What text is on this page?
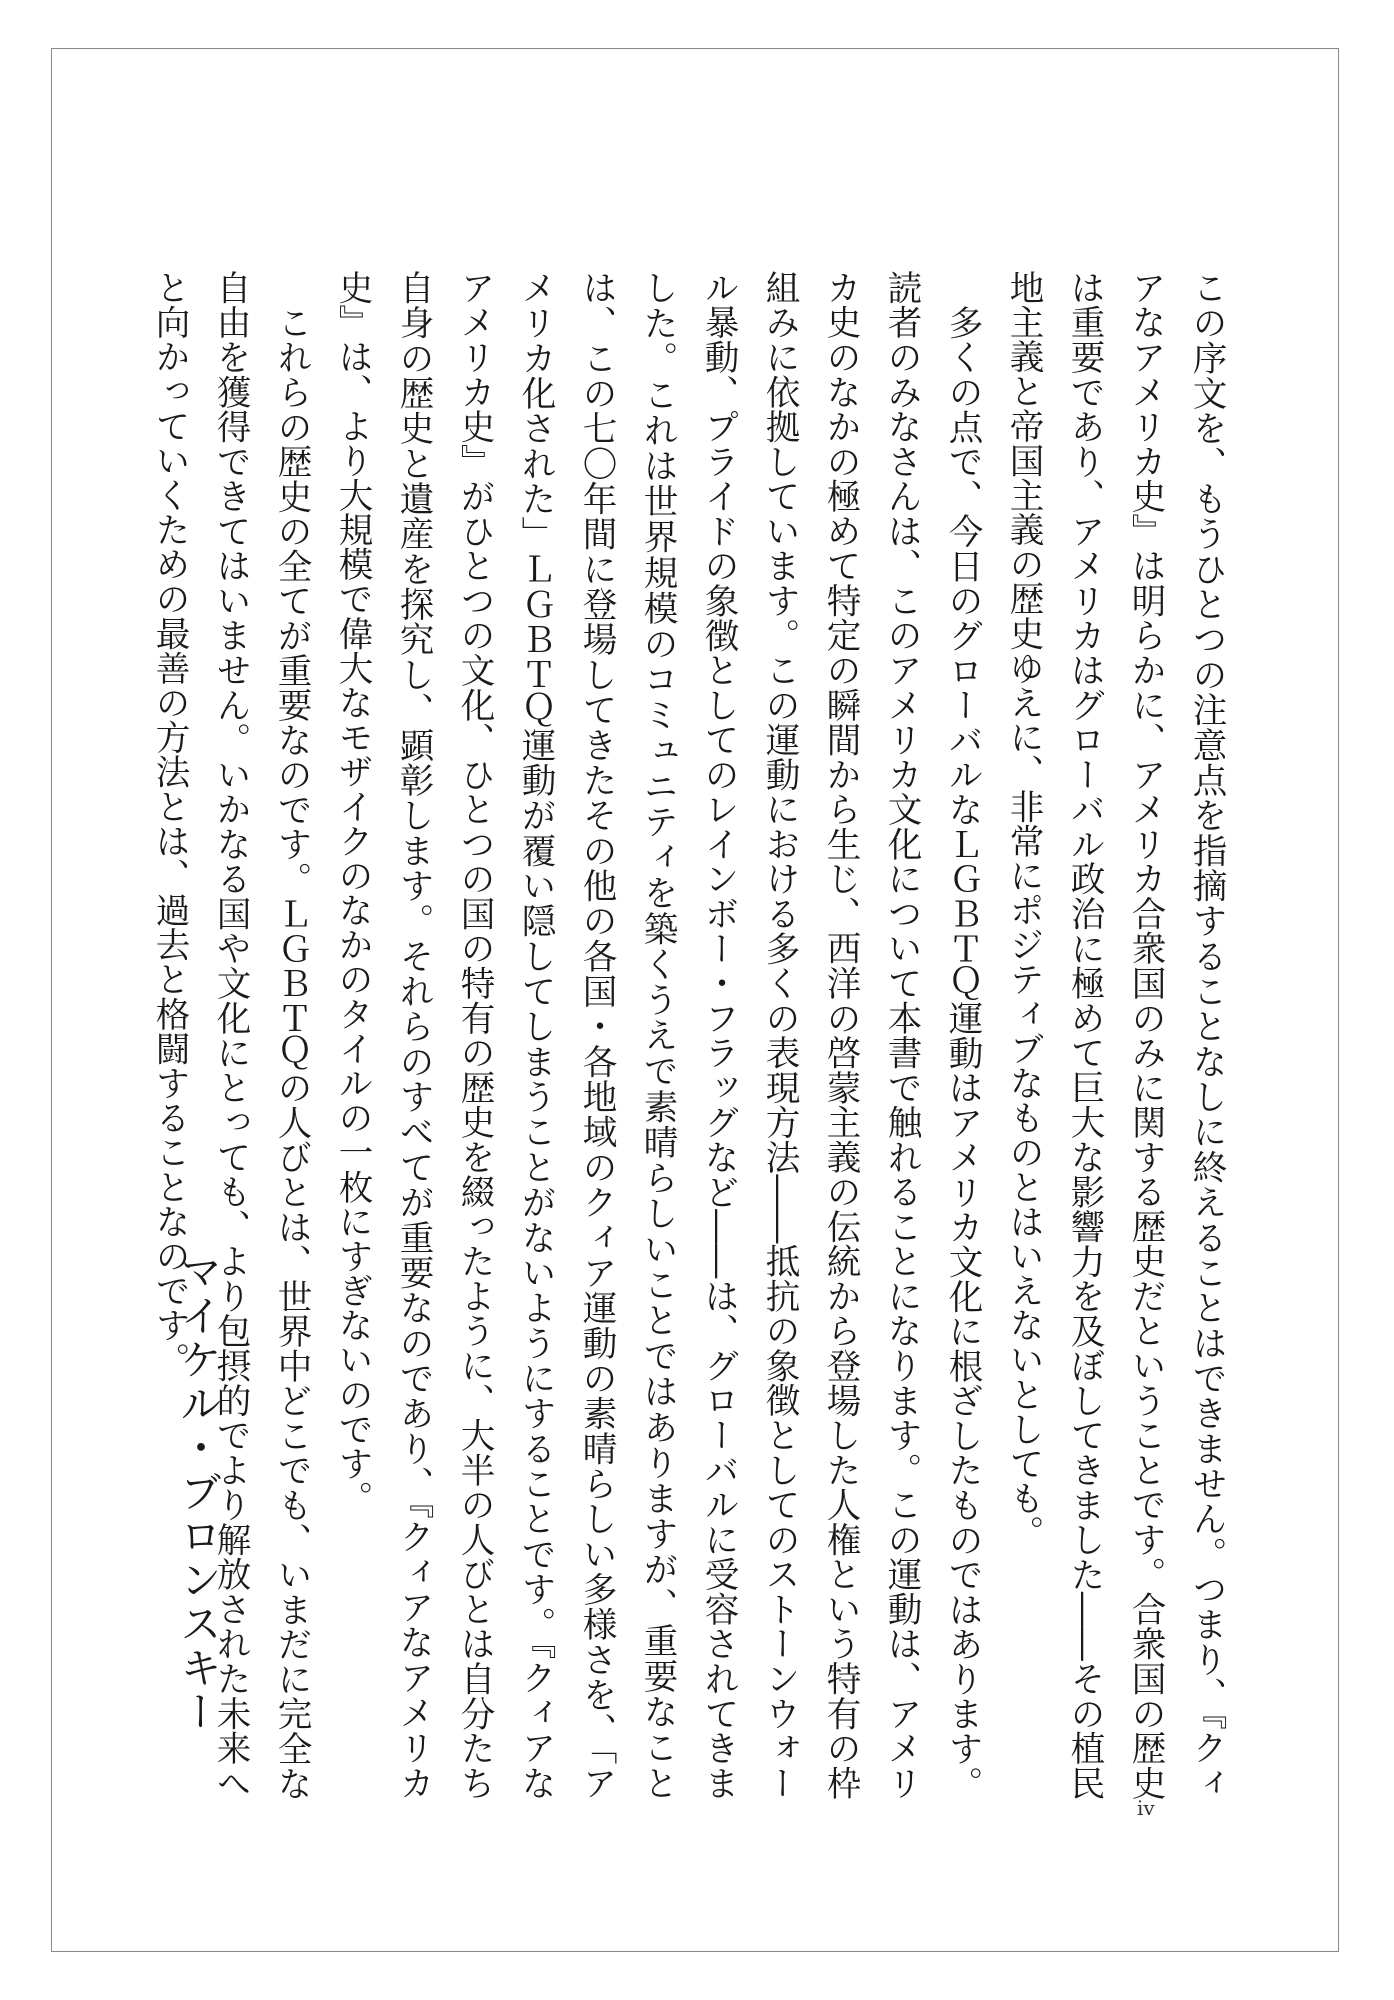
この序文を、もうひとつの注意点を指摘することなしに終えることはできません。つまり、『クィアなアメリカ史』は明らかに、アメリカ合衆国のみに関する歴史だということです。合衆国の歴史は重要であり、アメリカはグローバル政治に極めて巨大な影響力を及ぼしてきました――その植民地主義と帝国主義の歴史ゆえに、非常にポジティブなものとはいえないとしても。

多くの点で、今日のグローバルなＬＧＢＴＱ運動はアメリカ文化に根ざしたものではあります。読者のみなさんは、このアメリカ文化について本書で触れることになります。この運動は、アメリカ史のなかの極めて特定の瞬間から生じ、西洋の啓蒙主義の伝統から登場した人権という特有の枠組みに依拠しています。この運動における多くの表現方法――抵抗の象徴としてのストーンウォール暴動、プライドの象徴としてのレインボー・フラッグなど――は、グローバルに受容されてきました。これは世界規模のコミュニティを築くうえで素晴らしいことではありますが、重要なことは、この七〇年間に登場してきたその他の各国・各地域のクィア運動の素晴らしい多様さを、「アメリカ化された」ＬＧＢＴＱ運動が覆い隠してしまうことがないようにすることです。『クィアなアメリカ史』がひとつの文化、ひとつの国の特有の歴史を綴ったように、大半の人びとは自分たち自身の歴史と遺産を探究し、顕彰します。それらのすべてが重要なのであり、『クィアなアメリカ史』は、より大規模で偉大なモザイクのなかのタイルの一枚にすぎないのです。

これらの歴史の全てが重要なのです。ＬＧＢＴＱの人びとは、世界中どこでも、いまだに完全な自由を獲得できてはいません。いかなる国や文化にとっても、より包摂的でより解放された未来へと向かっていくための最善の方法とは、過去と格闘することなのです。

マイケル・ブロンスキー
iv
